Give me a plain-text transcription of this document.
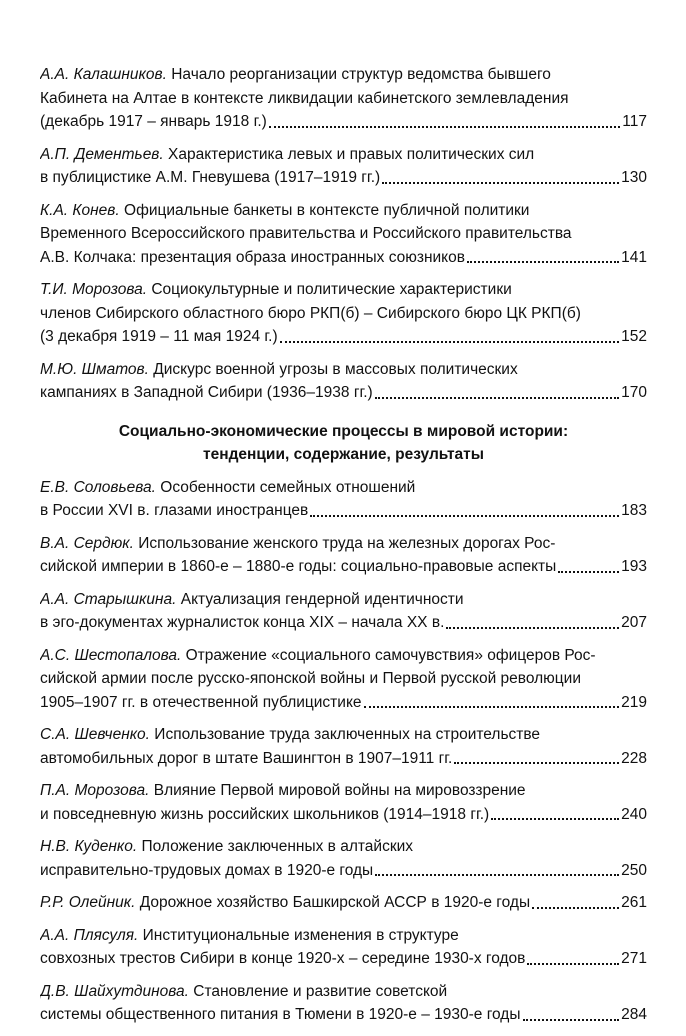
А.А. Калашников. Начало реорганизации структур ведомства бывшего
Кабинета на Алтае в контексте ликвидации кабинетского землевладения
(декабрь 1917 – январь 1918 г.)	117
А.П. Дементьев. Характеристика левых и правых политических сил
в публицистике А.М. Гневушева (1917–1919 гг.)	130
К.А. Конев. Официальные банкеты в контексте публичной политики
Временного Всероссийского правительства и Российского правительства
А.В. Колчака: презентация образа иностранных союзников	141
Т.И. Морозова. Социокультурные и политические характеристики
членов Сибирского областного бюро РКП(б) – Сибирского бюро ЦК РКП(б)
(3 декабря 1919 – 11 мая 1924 г.)	152
М.Ю. Шматов. Дискурс военной угрозы в массовых политических
кампаниях в Западной Сибири (1936–1938 гг.)	170
Социально-экономические процессы в мировой истории:
тенденции, содержание, результаты
Е.В. Соловьева. Особенности семейных отношений
в России XVI в. глазами иностранцев	183
В.А. Сердюк. Использование женского труда на железных дорогах Рос-
сийской империи в 1860-е – 1880-е годы: социально-правовые аспекты	193
А.А. Старышкина. Актуализация гендерной идентичности
в эго-документах журналисток конца XIX – начала XX в.	207
А.С. Шестопалова. Отражение «социального самочувствия» офицеров Рос-
сийской армии после русско-японской войны и Первой русской революции
1905–1907 гг. в отечественной публицистике	219
С.А. Шевченко. Использование труда заключенных на строительстве
автомобильных дорог в штате Вашингтон в 1907–1911 гг.	228
П.А. Морозова. Влияние Первой мировой войны на мировоззрение
и повседневную жизнь российских школьников (1914–1918 гг.)	240
Н.В. Куденко. Положение заключенных в алтайских
исправительно-трудовых домах в 1920-е годы	250
Р.Р. Олейник. Дорожное хозяйство Башкирской АССР в 1920-е годы	261
А.А. Плясуля. Институциональные изменения в структуре
совхозных трестов Сибири в конце 1920-х – середине 1930-х годов	271
Д.В. Шайхутдинова. Становление и развитие советской
системы общественного питания в Тюмени в 1920-е – 1930-е годы	284
